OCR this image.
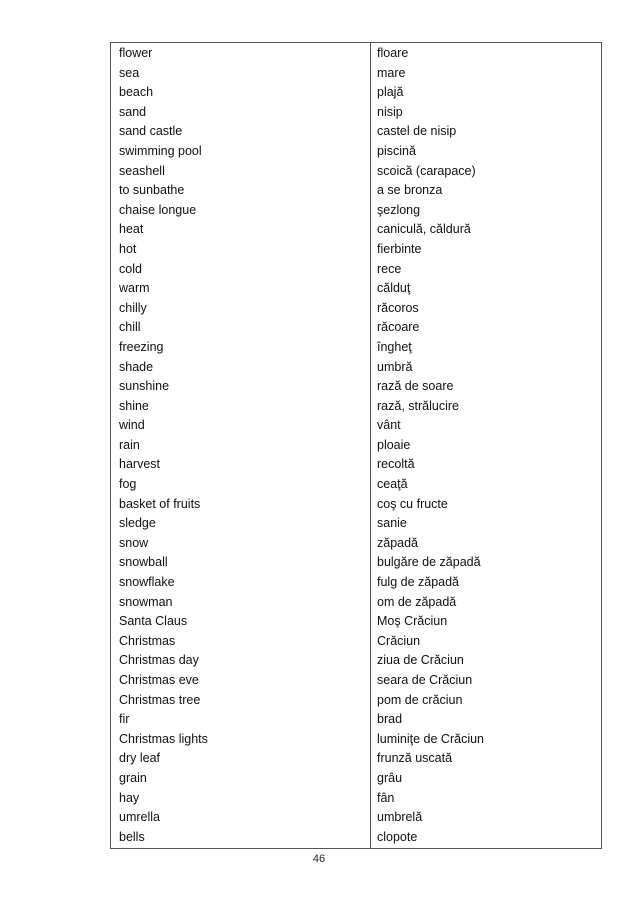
flower	floare
sea	mare
beach	plajă
sand	nisip
sand castle	castel de nisip
swimming pool	piscină
seashell	scoică (carapace)
to sunbathe	a se bronza
chaise longue	şezlong
heat	caniculă, căldură
hot	fierbinte
cold	rece
warm	călduţ
chilly	răcoros
chill	răcoare
freezing	îngheţ
shade	umbră
sunshine	rază de soare
shine	rază, strălucire
wind	vânt
rain	ploaie
harvest	recoltă
fog	ceaţă
basket of fruits	coş cu fructe
sledge	sanie
snow	zăpadă
snowball	bulgăre de zăpadă
snowflake	fulg de zăpadă
snowman	om de zăpadă
Santa Claus	Moş Crăciun
Christmas	Crăciun
Christmas day	ziua de Crăciun
Christmas eve	seara de Crăciun
Christmas tree	pom de crăciun
fir	brad
Christmas lights	luminiţe de Crăciun
dry leaf	frunză uscată
grain	grâu
hay	fân
umrella	umbrelă
bells	clopote
46
